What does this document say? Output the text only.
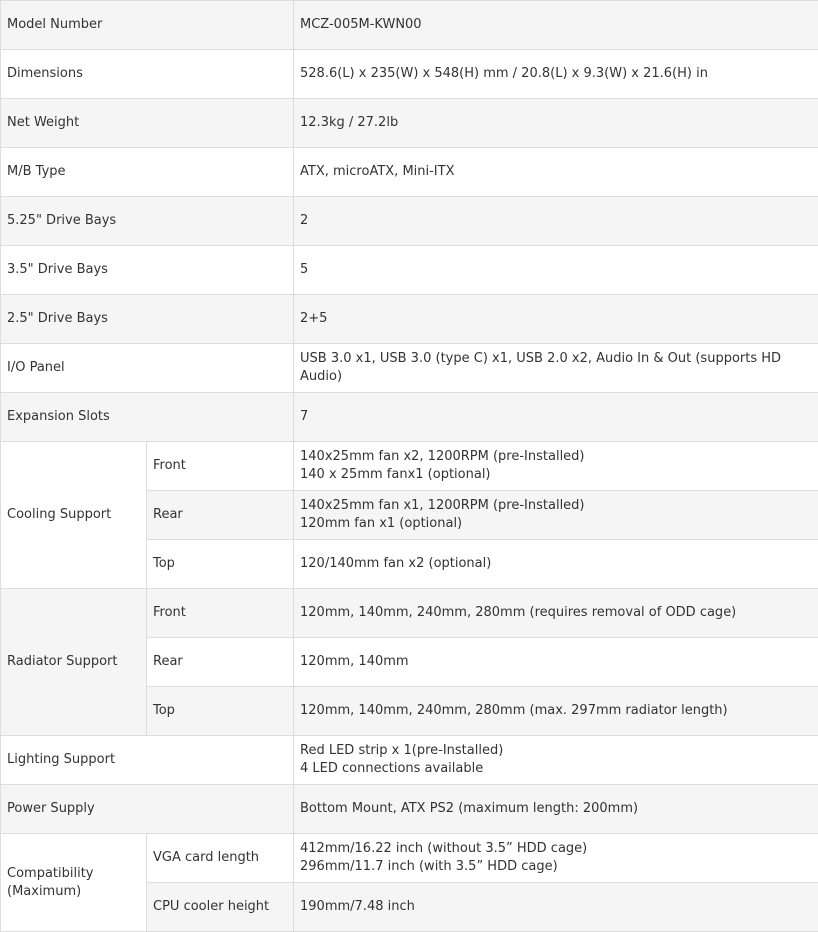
Model Number		MCZ-005M-KWN00
Dimensions		528.6(L) x 235(W) x 548(H) mm / 20.8(L) x 9.3(W) x 21.6(H) in
Net Weight		12.3kg / 27.2lb
M/B Type		ATX, microATX, Mini-ITX
5.25" Drive Bays		2
3.5" Drive Bays		5
2.5" Drive Bays		2+5
I/O Panel		USB 3.0 x1, USB 3.0 (type C) x1, USB 2.0 x2, Audio In & Out (supports HD Audio)
Expansion Slots		7
Cooling Support	Front	140x25mm fan x2, 1200RPM (pre-Installed)
140 x 25mm fanx1 (optional)

	Rear	140x25mm fan x1, 1200RPM (pre-Installed)
120mm fan x1 (optional)

	Top	120/140mm fan x2 (optional)
Radiator Support	Front	120mm, 140mm, 240mm, 280mm (requires removal of ODD cage)
	Rear	120mm, 140mm
	Top	120mm, 140mm, 240mm, 280mm (max. 297mm radiator length)
Lighting Support		Red LED strip x 1(pre-Installed)
4 LED connections available

Power Supply		Bottom Mount, ATX PS2 (maximum length: 200mm)

Compatibility
(Maximum)	VGA card length	412mm/16.22 inch (without 3.5” HDD cage)
296mm/11.7 inch (with 3.5” HDD cage)

	CPU cooler height	190mm/7.48 inch
